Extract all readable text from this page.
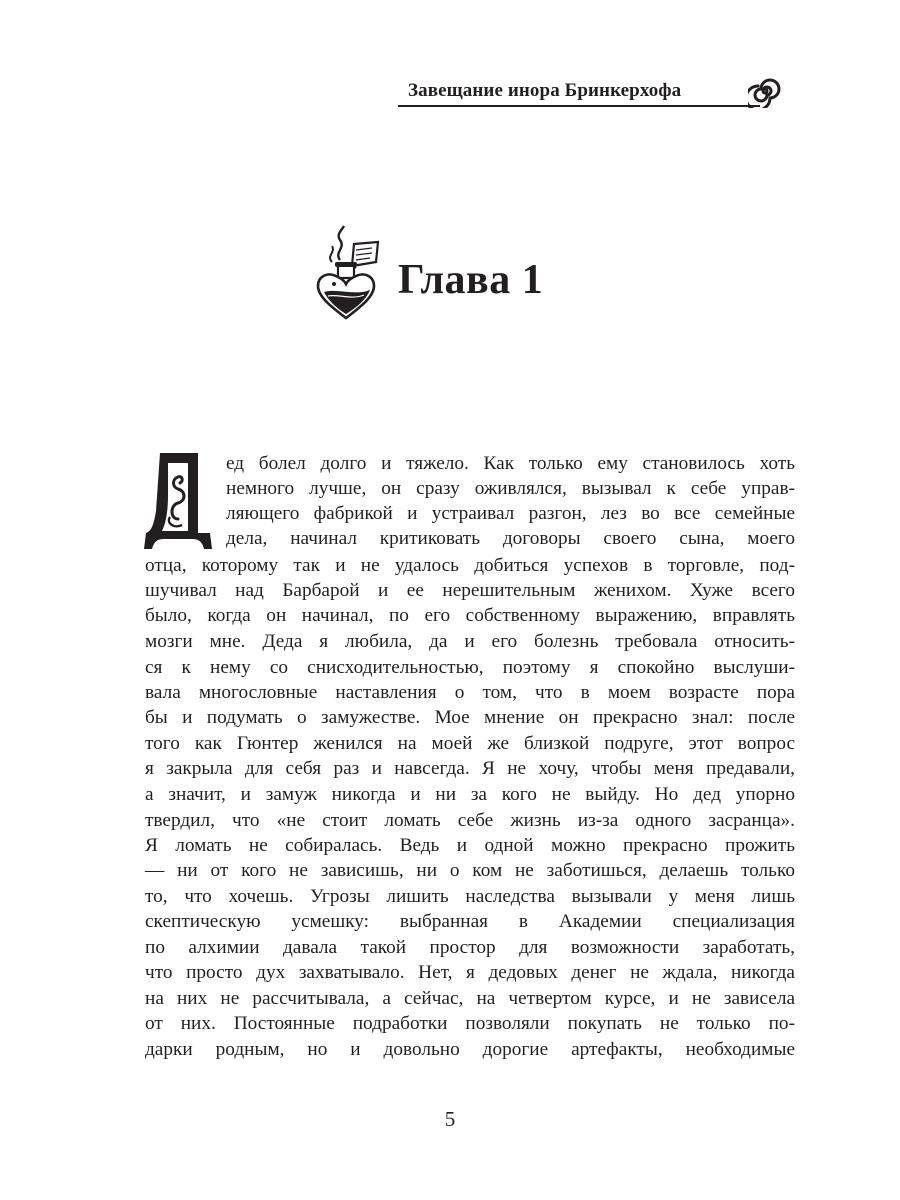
Завещание инора Бринкерхофа
Глава 1
ед болел долго и тяжело. Как только ему становилось хоть
немного лучше, он сразу оживлялся, вызывал к себе управ-
ляющего фабрикой и устраивал разгон, лез во все семейные
дела, начинал критиковать договоры своего сына, моего
отца, которому так и не удалось добиться успехов в торговле, под-
шучивал над Барбарой и ее нерешительным женихом. Хуже всего
было, когда он начинал, по его собственному выражению, вправлять
мозги мне. Деда я любила, да и его болезнь требовала относить-
ся к нему со снисходительностью, поэтому я спокойно выслуши-
вала многословные наставления о том, что в моем возрасте пора
бы и подумать о замужестве. Мое мнение он прекрасно знал: после
того как Гюнтер женился на моей же близкой подруге, этот вопрос
я закрыла для себя раз и навсегда. Я не хочу, чтобы меня предавали,
а значит, и замуж никогда и ни за кого не выйду. Но дед упорно
твердил, что «не стоит ломать себе жизнь из-за одного засранца».
Я ломать не собиралась. Ведь и одной можно прекрасно прожить
— ни от кого не зависишь, ни о ком не заботишься, делаешь только
то, что хочешь. Угрозы лишить наследства вызывали у меня лишь
скептическую усмешку: выбранная в Академии специализация
по алхимии давала такой простор для возможности заработать,
что просто дух захватывало. Нет, я дедовых денег не ждала, никогда
на них не рассчитывала, а сейчас, на четвертом курсе, и не зависела
от них. Постоянные подработки позволяли покупать не только по-
дарки родным, но и довольно дорогие артефакты, необходимые
5
